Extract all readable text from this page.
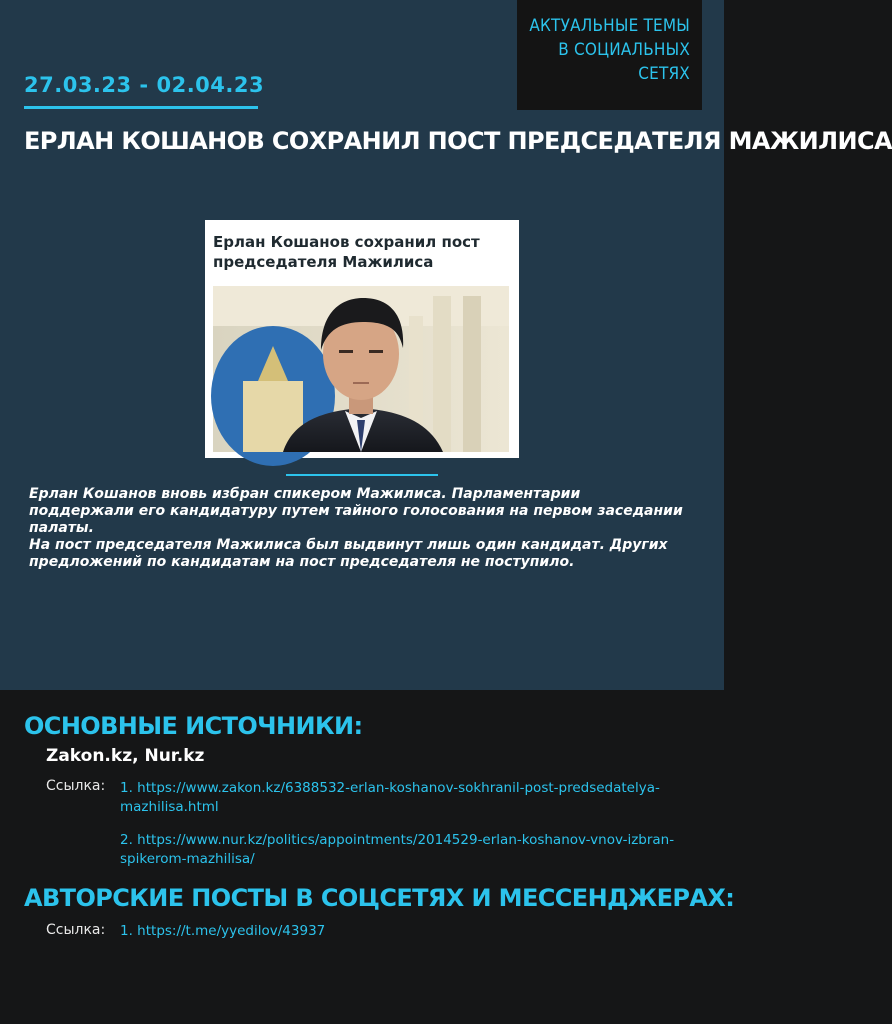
АКТУАЛЬНЫЕ ТЕМЫ
В СОЦИАЛЬНЫХ
СЕТЯХ
27.03.23 - 02.04.23
ЕРЛАН КОШАНОВ СОХРАНИЛ ПОСТ ПРЕДСЕДАТЕЛЯ МАЖИЛИСА
Ерлан Кошанов сохранил пост
председателя Мажилиса

Ерлан Кошанов вновь избран спикером Мажилиса. Парламентарии поддержали его кандидатуру путем тайного голосования на первом заседании палаты.

На пост председателя Мажилиса был выдвинут лишь один кандидат. Других предложений по кандидатам на пост председателя не поступило.

ОСНОВНЫЕ ИСТОЧНИКИ:
Zakon.kz, Nur.kz
Ссылка: 1. https://www.zakon.kz/6388532-erlan-koshanov-sokhranil-post-predsedatelya-mazhilisa.html
2. https://www.nur.kz/politics/appointments/2014529-erlan-koshanov-vnov-izbran-spikerom-mazhilisa/
АВТОРСКИЕ ПОСТЫ В СОЦСЕТЯХ И МЕССЕНДЖЕРАХ:
Ссылка: 1. https://t.me/yyedilov/43937
